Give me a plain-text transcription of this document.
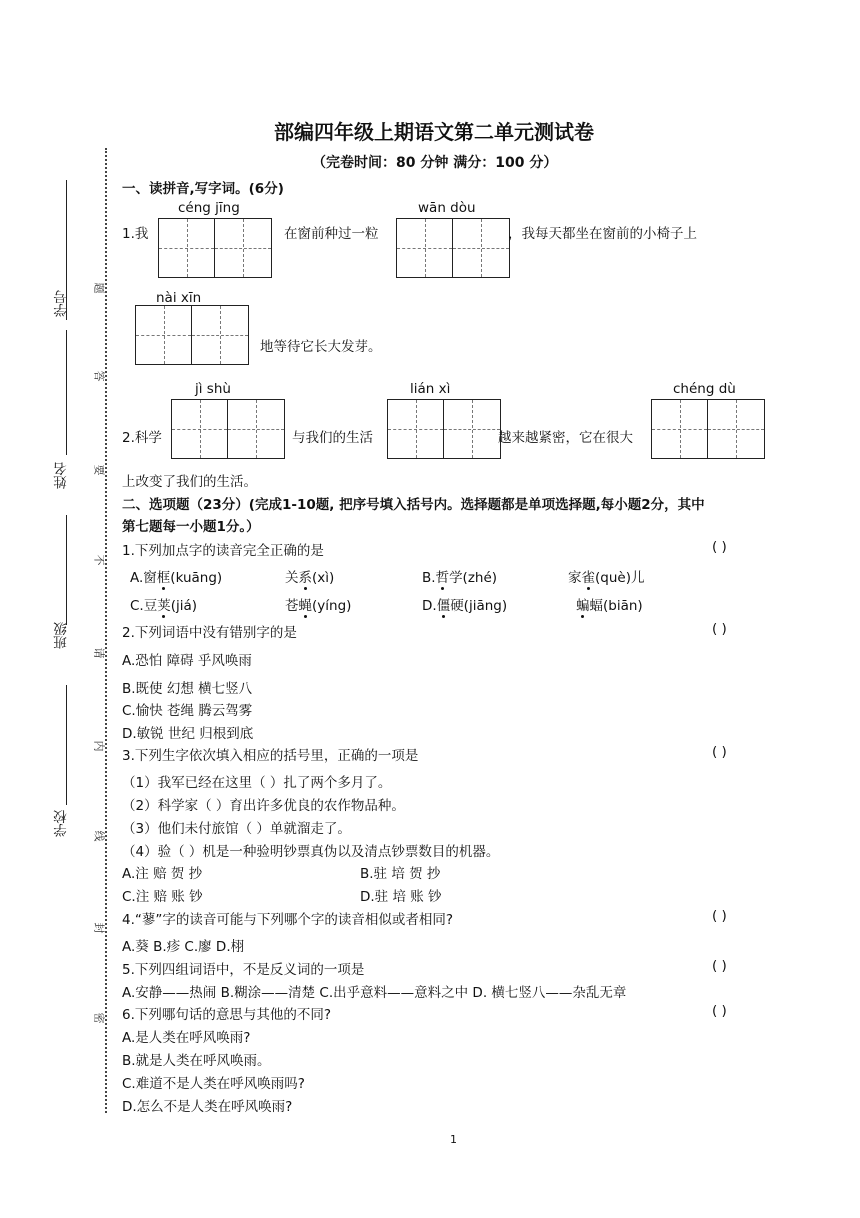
部编四年级上期语文第二单元测试卷
（完卷时间：80 分钟 满分：100 分）
学号
姓名
班级
学校
题
答
要
不
请
内
线
封
密
一、读拼音,写字词。(6分)
céng jīng	wān dòu
1.我	在窗前种过一粒	，我每天都坐在窗前的小椅子上
nài xīn
地等待它长大发芽。
jì shù	lián xì	chéng dù
2.科学	与我们的生活	越来越紧密，它在很大
上改变了我们的生活。
二、选项题（23分）(完成1-10题, 把序号填入括号内。选择题都是单项选择题,每小题2分，其中
第七题每一小题1分。）
1.下列加点字的读音完全正确的是	( )
A.窗框(kuāng)	关系(xì)	B.哲学(zhé)	家雀(què)儿
C.豆荚(jiá)	苍蝇(yíng)	D.僵硬(jiāng)	蝙蝠(biān)
2.下列词语中没有错别字的是	( )
A.恐怕 障碍 乎风唤雨
B.既使 幻想 横七竖八
C.愉快 苍绳 腾云驾雾
D.敏锐 世纪 归根到底
3.下列生字依次填入相应的括号里，正确的一项是	( )
（1）我军已经在这里（ ）扎了两个多月了。
（2）科学家（ ）育出许多优良的农作物品种。
（3）他们未付旅馆（ ）单就溜走了。
（4）验（ ）机是一种验明钞票真伪以及清点钞票数目的机器。
A.注 赔 贺 抄	B.驻 培 贺 抄
C.注 赔 账 钞	D.驻 培 账 钞
4.“蓼”字的读音可能与下列哪个字的读音相似或者相同?	( )
A.葵 B.疹 C.廖 D.栩
5.下列四组词语中，不是反义词的一项是	( )
A.安静——热闹 B.糊涂——清楚 C.出乎意料——意料之中 D. 横七竖八——杂乱无章
6.下列哪句话的意思与其他的不同?	( )
A.是人类在呼风唤雨?
B.就是人类在呼风唤雨。
C.难道不是人类在呼风唤雨吗?
D.怎么不是人类在呼风唤雨?
1
